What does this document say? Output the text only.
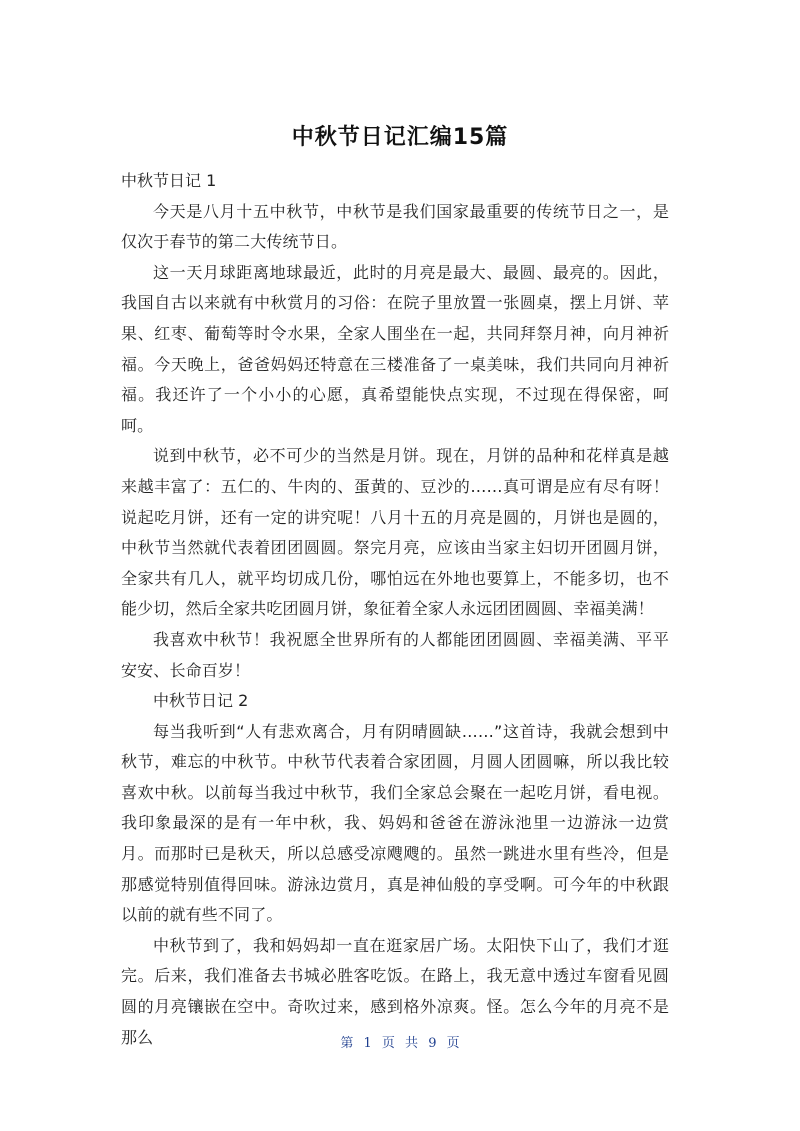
中秋节日记汇编15篇

中秋节日记 1

今天是八月十五中秋节，中秋节是我们国家最重要的传统节日之一，是仅次于春节的第二大传统节日。

这一天月球距离地球最近，此时的月亮是最大、最圆、最亮的。因此，我国自古以来就有中秋赏月的习俗：在院子里放置一张圆桌，摆上月饼、苹果、红枣、葡萄等时令水果，全家人围坐在一起，共同拜祭月神，向月神祈福。今天晚上，爸爸妈妈还特意在三楼准备了一桌美味，我们共同向月神祈福。我还许了一个小小的心愿，真希望能快点实现，不过现在得保密，呵呵。

说到中秋节，必不可少的当然是月饼。现在，月饼的品种和花样真是越来越丰富了：五仁的、牛肉的、蛋黄的、豆沙的……真可谓是应有尽有呀！说起吃月饼，还有一定的讲究呢！八月十五的月亮是圆的，月饼也是圆的，中秋节当然就代表着团团圆圆。祭完月亮，应该由当家主妇切开团圆月饼，全家共有几人，就平均切成几份，哪怕远在外地也要算上，不能多切，也不能少切，然后全家共吃团圆月饼，象征着全家人永远团团圆圆、幸福美满！

我喜欢中秋节！我祝愿全世界所有的人都能团团圆圆、幸福美满、平平安安、长命百岁！

中秋节日记 2

每当我听到“人有悲欢离合，月有阴晴圆缺……”这首诗，我就会想到中秋节，难忘的中秋节。中秋节代表着合家团圆，月圆人团圆嘛，所以我比较喜欢中秋。以前每当我过中秋节，我们全家总会聚在一起吃月饼，看电视。我印象最深的是有一年中秋，我、妈妈和爸爸在游泳池里一边游泳一边赏月。而那时已是秋天，所以总感受凉飕飕的。虽然一跳进水里有些冷，但是那感觉特别值得回味。游泳边赏月，真是神仙般的享受啊。可今年的中秋跟以前的就有些不同了。

中秋节到了，我和妈妈却一直在逛家居广场。太阳快下山了，我们才逛完。后来，我们准备去书城必胜客吃饭。在路上，我无意中透过车窗看见圆圆的月亮镶嵌在空中。奇吹过来，感到格外凉爽。怪。怎么今年的月亮不是那么	第 1 页 共 9 页
